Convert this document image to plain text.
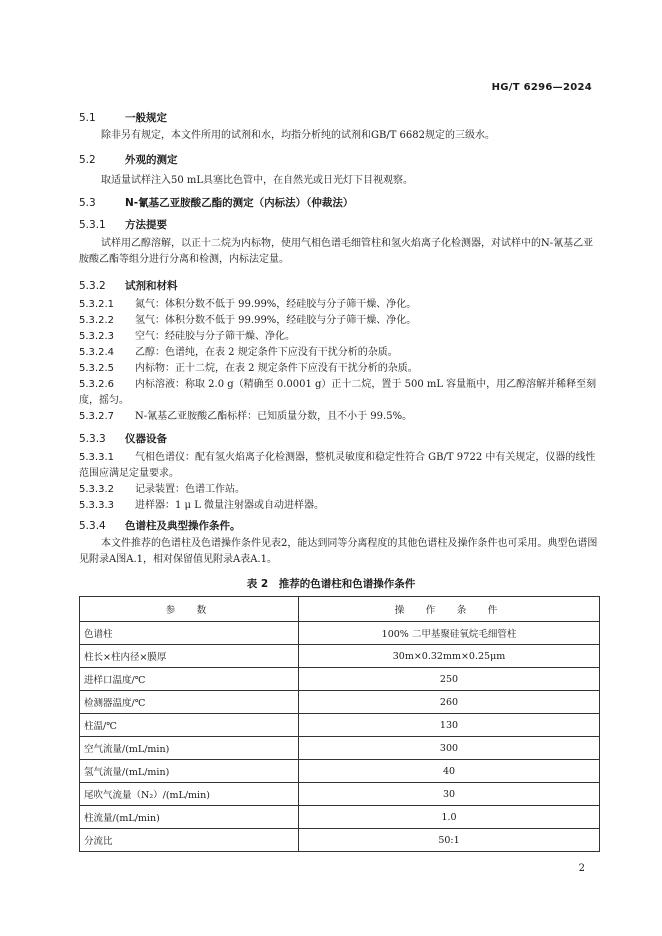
HG/T 6296—2024
5.1	一般规定
除非另有规定，本文件所用的试剂和水，均指分析纯的试剂和GB/T 6682规定的三级水。
5.2	外观的测定
取适量试样注入50 mL具塞比色管中，在自然光或日光灯下目视观察。
5.3	N-氰基乙亚胺酸乙酯的测定（内标法）（仲裁法）
5.3.1 方法提要
试样用乙醇溶解，以正十二烷为内标物，使用气相色谱毛细管柱和氢火焰离子化检测器，对试样中的N-氰基乙亚胺酸乙酯等组分进行分离和检测，内标法定量。
5.3.2 试剂和材料
5.3.2.1 氮气：体积分数不低于 99.99%，经硅胶与分子筛干燥、净化。
5.3.2.2 氢气：体积分数不低于 99.99%，经硅胶与分子筛干燥、净化。
5.3.2.3 空气：经硅胶与分子筛干燥、净化。
5.3.2.4 乙醇：色谱纯，在表 2 规定条件下应没有干扰分析的杂质。
5.3.2.5 内标物：正十二烷，在表 2 规定条件下应没有干扰分析的杂质。
5.3.2.6 内标溶液：称取 2.0 g（精确至 0.0001 g）正十二烷，置于 500 mL 容量瓶中，用乙醇溶解并稀释至刻度，摇匀。
5.3.2.7 N-氰基乙亚胺酸乙酯标样：已知质量分数，且不小于 99.5%。
5.3.3 仪器设备
5.3.3.1 气相色谱仪：配有氢火焰离子化检测器，整机灵敏度和稳定性符合 GB/T 9722 中有关规定，仪器的线性范围应满足定量要求。
5.3.3.2 记录装置：色谱工作站。
5.3.3.3 进样器：1 μ L 微量注射器或自动进样器。
5.3.4 色谱柱及典型操作条件。
本文件推荐的色谱柱及色谱操作条件见表2，能达到同等分离程度的其他色谱柱及操作条件也可采用。典型色谱图见附录A图A.1，相对保留值见附录A表A.1。
表 2　推荐的色谱柱和色谱操作条件
参　数	操　作　条　件
色谱柱	100% 二甲基聚硅氧烷毛细管柱
柱长×柱内径×膜厚	30m×0.32mm×0.25μm
进样口温度/℃	250
检测器温度/℃	260
柱温/℃	130
空气流量/(mL/min)	300
氢气流量/(mL/min)	40
尾吹气流量（N₂）/(mL/min)	30
柱流量/(mL/min)	1.0
分流比	50:1
2
